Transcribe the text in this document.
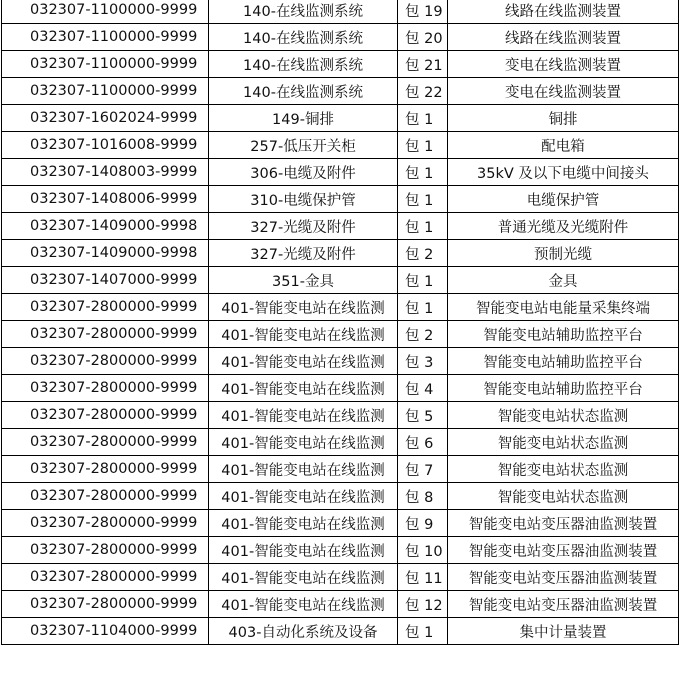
032307-1100000-9999	140-在线监测系统	包 19	线路在线监测装置
032307-1100000-9999	140-在线监测系统	包 20	线路在线监测装置
032307-1100000-9999	140-在线监测系统	包 21	变电在线监测装置
032307-1100000-9999	140-在线监测系统	包 22	变电在线监测装置
032307-1602024-9999	149-铜排	包 1	铜排
032307-1016008-9999	257-低压开关柜	包 1	配电箱
032307-1408003-9999	306-电缆及附件	包 1	35kV 及以下电缆中间接头
032307-1408006-9999	310-电缆保护管	包 1	电缆保护管
032307-1409000-9998	327-光缆及附件	包 1	普通光缆及光缆附件
032307-1409000-9998	327-光缆及附件	包 2	预制光缆
032307-1407000-9999	351-金具	包 1	金具
032307-2800000-9999	401-智能变电站在线监测	包 1	智能变电站电能量采集终端
032307-2800000-9999	401-智能变电站在线监测	包 2	智能变电站辅助监控平台
032307-2800000-9999	401-智能变电站在线监测	包 3	智能变电站辅助监控平台
032307-2800000-9999	401-智能变电站在线监测	包 4	智能变电站辅助监控平台
032307-2800000-9999	401-智能变电站在线监测	包 5	智能变电站状态监测
032307-2800000-9999	401-智能变电站在线监测	包 6	智能变电站状态监测
032307-2800000-9999	401-智能变电站在线监测	包 7	智能变电站状态监测
032307-2800000-9999	401-智能变电站在线监测	包 8	智能变电站状态监测
032307-2800000-9999	401-智能变电站在线监测	包 9	智能变电站变压器油监测装置
032307-2800000-9999	401-智能变电站在线监测	包 10	智能变电站变压器油监测装置
032307-2800000-9999	401-智能变电站在线监测	包 11	智能变电站变压器油监测装置
032307-2800000-9999	401-智能变电站在线监测	包 12	智能变电站变压器油监测装置
032307-1104000-9999	403-自动化系统及设备	包 1	集中计量装置
